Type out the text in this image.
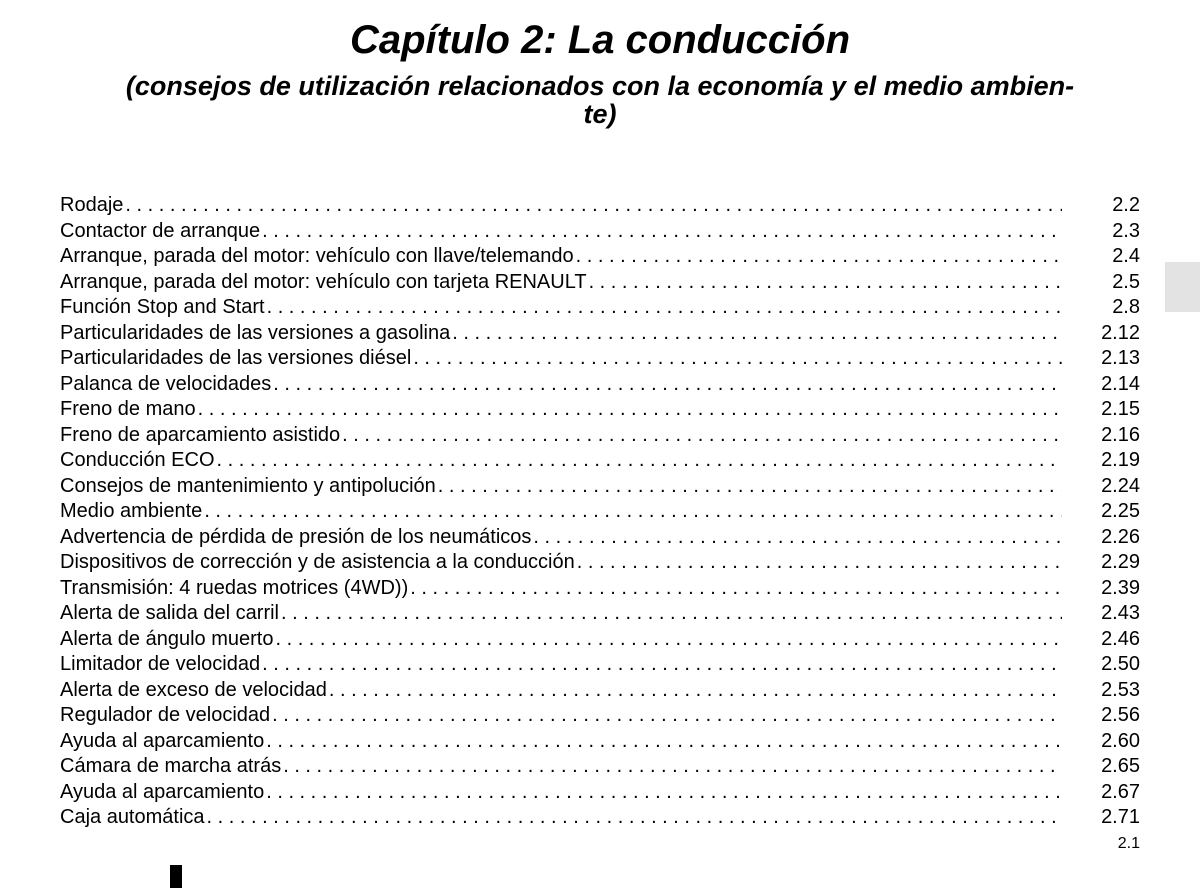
Capítulo 2: La conducción
(consejos de utilización relacionados con la economía y el medio ambien-
te)
Rodaje . . .	2.2
Contactor de arranque . . .	2.3
Arranque, parada del motor: vehículo con llave/telemando . . .	2.4
Arranque, parada del motor: vehículo con tarjeta RENAULT . . .	2.5
Función Stop and Start . . .	2.8
Particularidades de las versiones a gasolina . . .	2.12
Particularidades de las versiones diésel . . .	2.13
Palanca de velocidades . . .	2.14
Freno de mano . . .	2.15
Freno de aparcamiento asistido . . .	2.16
Conducción ECO . . .	2.19
Consejos de mantenimiento y antipolución . . .	2.24
Medio ambiente . . .	2.25
Advertencia de pérdida de presión de los neumáticos . . .	2.26
Dispositivos de corrección y de asistencia a la conducción . . .	2.29
Transmisión: 4 ruedas motrices (4WD)) . . .	2.39
Alerta de salida del carril . . .	2.43
Alerta de ángulo muerto . . .	2.46
Limitador de velocidad . . .	2.50
Alerta de exceso de velocidad . . .	2.53
Regulador de velocidad . . .	2.56
Ayuda al aparcamiento . . .	2.60
Cámara de marcha atrás . . .	2.65
Ayuda al aparcamiento . . .	2.67
Caja automática . . .	2.71
2.1
